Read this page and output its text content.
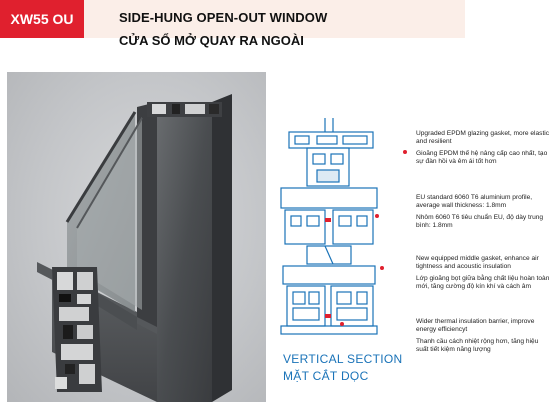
XW55 OU	SIDE-HUNG OPEN-OUT WINDOW
CỬA SỔ MỞ QUAY RA NGOÀI
VERTICAL SECTION
MẶT CẮT DỌC
Upgraded EPDM glazing gasket, more elastic and resilient
Gioăng EPDM thế hệ nâng cấp cao nhất, tạo sự đàn hồi và êm ái tốt hơn
EU standard 6060 T6 aluminium profile, average wall thickness: 1.8mm
Nhôm 6060 T6 tiêu chuẩn EU, độ dày trung bình: 1.8mm
New equipped middle gasket, enhance air tightness and acoustic insulation
Lớp gioăng bọt giữa bằng chất liệu hoàn toàn mới, tăng cường độ kín khí và cách âm
Wider thermal insulation barrier, improve energy efficiencyt
Thanh cầu cách nhiệt rộng hơn, tăng hiệu suất tiết kiệm năng lượng
